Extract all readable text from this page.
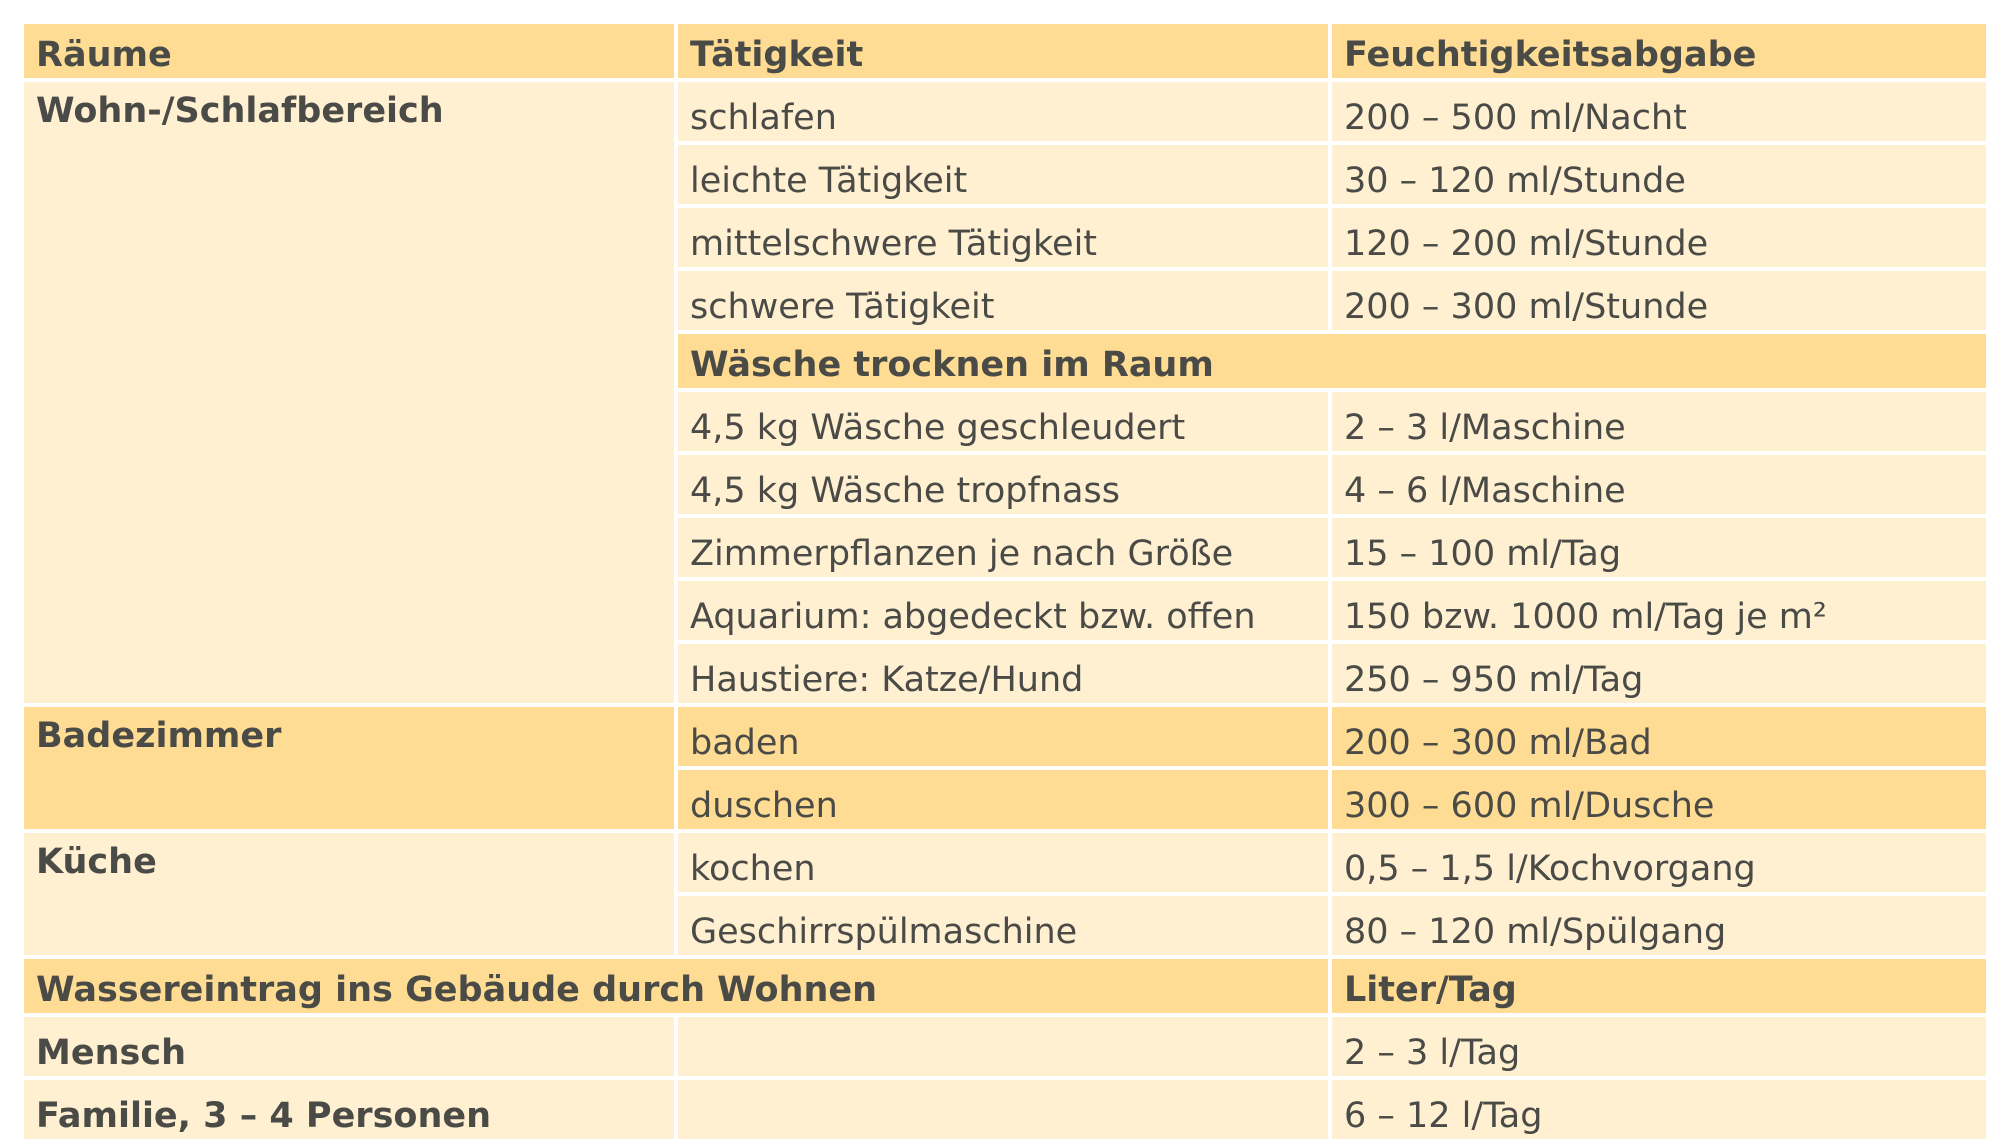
Räume	Tätigkeit	Feuchtigkeitsabgabe
Wohn-/Schlafbereich	schlafen	200 – 500 ml/Nacht
	leichte Tätigkeit	30 – 120 ml/Stunde
	mittelschwere Tätigkeit	120 – 200 ml/Stunde
	schwere Tätigkeit	200 – 300 ml/Stunde
	Wäsche trocknen im Raum	
	4,5 kg Wäsche geschleudert	2 – 3 l/Maschine
	4,5 kg Wäsche tropfnass	4 – 6 l/Maschine
	Zimmerpflanzen je nach Größe	15 – 100 ml/Tag
	Aquarium: abgedeckt bzw. offen	150 bzw. 1000 ml/Tag je m²
	Haustiere: Katze/Hund	250 – 950 ml/Tag
Badezimmer	baden	200 – 300 ml/Bad
	duschen	300 – 600 ml/Dusche
Küche	kochen	0,5 – 1,5 l/Kochvorgang
	Geschirrspülmaschine	80 – 120 ml/Spülgang
Wassereintrag ins Gebäude durch Wohnen		Liter/Tag
Mensch		2 – 3 l/Tag
Familie, 3 – 4 Personen		6 – 12 l/Tag
